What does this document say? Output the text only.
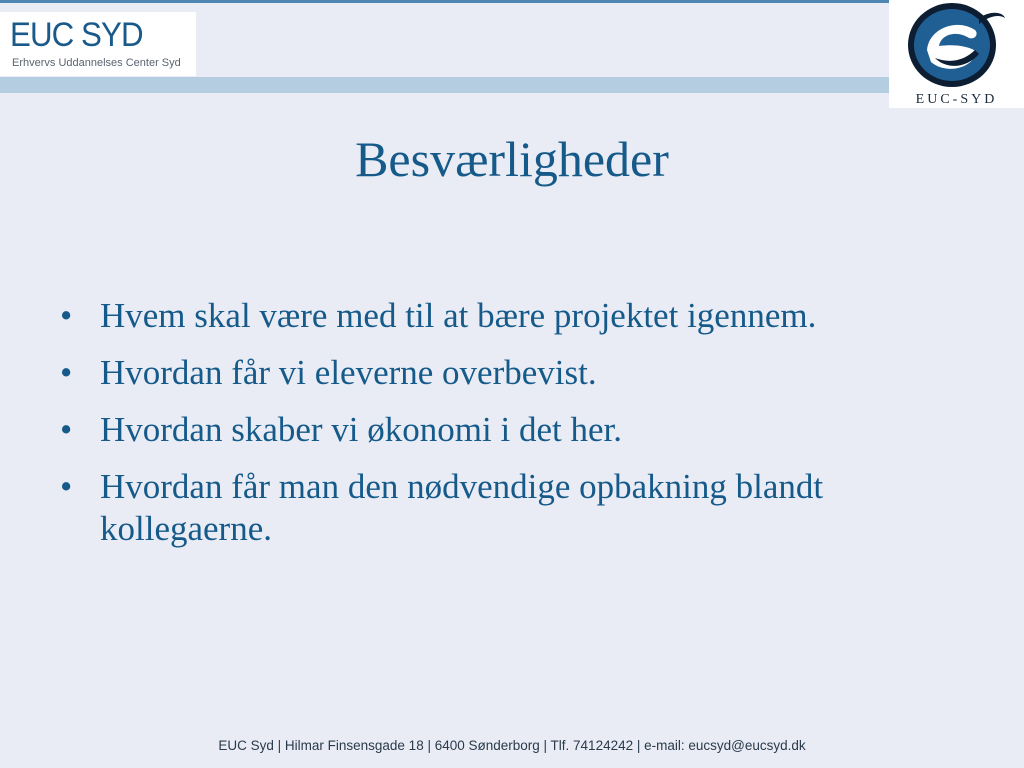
EUC SYD
Erhvervs Uddannelses Center Syd
EUC-SYD
Besværligheder
• Hvem skal være med til at bære projektet igennem.
• Hvordan får vi eleverne overbevist.
• Hvordan skaber vi økonomi i det her.
• Hvordan får man den nødvendige opbakning blandt kollegaerne.
EUC Syd | Hilmar Finsensgade 18 | 6400 Sønderborg | Tlf. 74124242 | e-mail: eucsyd@eucsyd.dk
